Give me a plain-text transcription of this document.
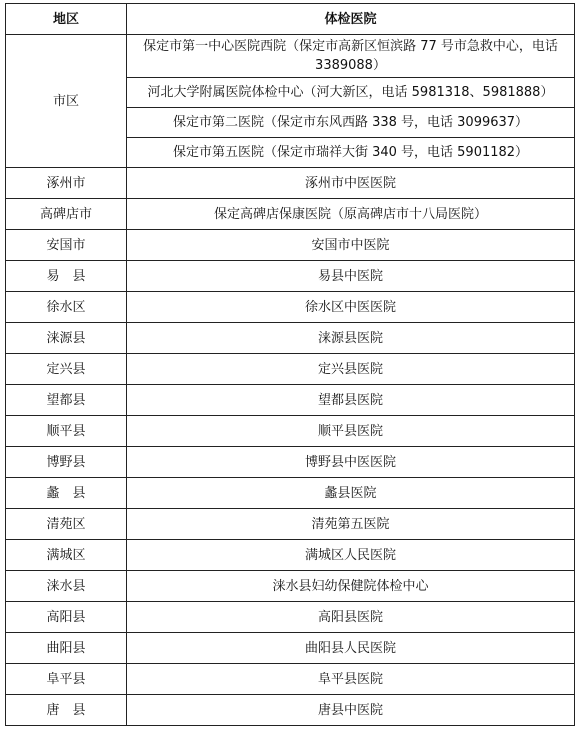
地区	体检医院
市区	保定市第一中心医院西院（保定市高新区恒滨路 77 号市急救中心，电话 3389088）
	河北大学附属医院体检中心（河大新区，电话 5981318、5981888）
	保定市第二医院（保定市东风西路 338 号，电话 3099637）
	保定市第五医院（保定市瑞祥大街 340 号，电话 5901182）
涿州市	涿州市中医医院
高碑店市	保定高碑店保康医院（原高碑店市十八局医院）
安国市	安国市中医院
易　县	易县中医院
徐水区	徐水区中医医院
涞源县	涞源县医院
定兴县	定兴县医院
望都县	望都县医院
顺平县	顺平县医院
博野县	博野县中医医院
蠡　县	蠡县医院
清苑区	清苑第五医院
满城区	满城区人民医院
涞水县	涞水县妇幼保健院体检中心
高阳县	高阳县医院
曲阳县	曲阳县人民医院
阜平县	阜平县医院
唐　县	唐县中医院
